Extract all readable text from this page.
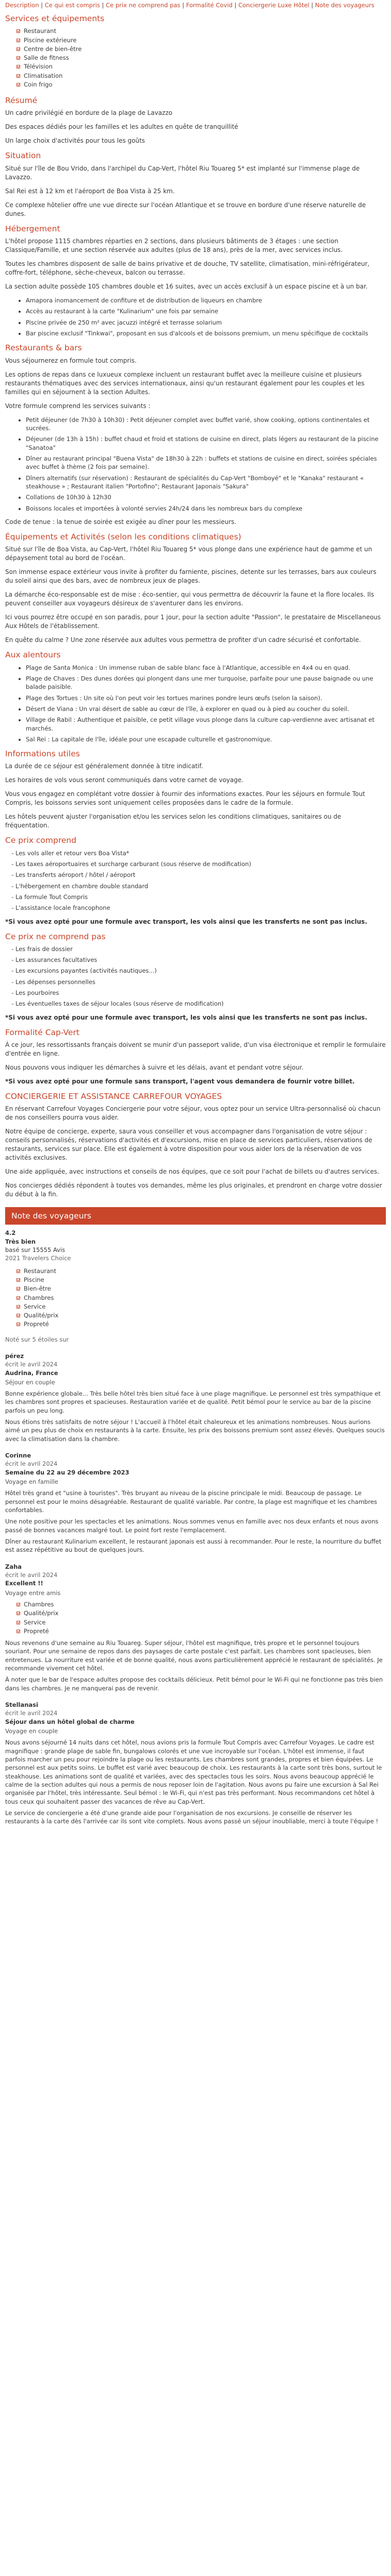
Description | Ce qui est compris | Ce prix ne comprend pas | Formalité Covid | Conciergerie Luxe Hôtel | Note des voyageurs
Services et équipements
Restaurant
Piscine extérieure
Centre de bien-être
Salle de fitness
Télévision
Climatisation
Coin frigo
Résumé

Un cadre privilégié en bordure de la plage de Lavazzo

Des espaces dédiés pour les familles et les adultes en quête de tranquillité

Un large choix d'activités pour tous les goûts

Situation

Situé sur l'île de Bou Vrido, dans l'archipel du Cap-Vert, l'hôtel Riu Touareg 5* est implanté sur l'immense plage de Lavazzo.

Sal Rei est à 12 km et l'aéroport de Boa Vista à 25 km.

Ce complexe hôtelier offre une vue directe sur l'océan Atlantique et se trouve en bordure d'une réserve naturelle de dunes.

Hébergement

L'hôtel propose 1115 chambres réparties en 2 sections, dans plusieurs bâtiments de 3 étages : une section Classique/Famille, et une section réservée aux adultes (plus de 18 ans), près de la mer, avec services inclus.

Toutes les chambres disposent de salle de bains privative et de douche, TV satellite, climatisation, mini-réfrigérateur, coffre-fort, téléphone, sèche-cheveux, balcon ou terrasse.

La section adulte possède 105 chambres double et 16 suites, avec un accès exclusif à un espace piscine et à un bar.

• Amapora inomancement de confiture et de distribution de liqueurs en chambre
• Accès au restaurant à la carte "Kulinarium" une fois par semaine
• Piscine privée de 250 m² avec jacuzzi intégré et terrasse solarium
• Bar piscine exclusif "Tinkwai", proposant en sus d'alcools et de boissons premium, un menu spécifique de cocktails
Restaurants & bars

Vous séjournerez en formule tout compris.

Les options de repas dans ce luxueux complexe incluent un restaurant buffet avec la meilleure cuisine et plusieurs restaurants thématiques avec des services internationaux, ainsi qu'un restaurant également pour les couples et les familles qui en séjournent à la section Adultes.

Votre formule comprend les services suivants :

• Petit déjeuner (de 7h30 à 10h30) : Petit déjeuner complet avec buffet varié, show cooking, options continentales et sucrées.
• Déjeuner (de 13h à 15h) : buffet chaud et froid et stations de cuisine en direct, plats légers au restaurant de la piscine "Sanatoa"
• Dîner au restaurant principal "Buena Vista" de 18h30 à 22h : buffets et stations de cuisine en direct, soirées spéciales avec buffet à thème (2 fois par semaine).
• Dîners alternatifs (sur réservation) : Restaurant de spécialités du Cap-Vert "Bomboyé" et le "Kanaka" restaurant « steakhouse » ; Restaurant italien "Portofino"; Restaurant Japonais "Sakura"
• Collations de 10h30 à 12h30
• Boissons locales et importées à volonté servies 24h/24 dans les nombreux bars du complexe

Code de tenue : la tenue de soirée est exigée au dîner pour les messieurs.

Équipements et Activités (selon les conditions climatiques)

Situé sur l'île de Boa Vista, au Cap-Vert, l'hôtel Riu Touareg 5* vous plonge dans une expérience haut de gamme et un dépaysement total au bord de l'océan.

Son immense espace extérieur vous invite à profiter du farniente, piscines, detente sur les terrasses, bars aux couleurs du soleil ainsi que des bars, avec de nombreux jeux de plages.

La démarche éco-responsable est de mise : éco-sentier, qui vous permettra de découvrir la faune et la flore locales. Ils peuvent conseiller aux voyageurs désireux de s'aventurer dans les environs.

Ici vous pourrez être occupé en son paradis, pour 1 jour, pour la section adulte "Passion", le prestataire de Miscellaneous Aux Hôtels de l'établissement.

En quête du calme ? Une zone réservée aux adultes vous permettra de profiter d'un cadre sécurisé et confortable.

Aux alentours
• Plage de Santa Monica : Un immense ruban de sable blanc face à l'Atlantique, accessible en 4x4 ou en quad.
• Plage de Chaves : Des dunes dorées qui plongent dans une mer turquoise, parfaite pour une pause baignade ou une balade paisible.
• Plage des Tortues : Un site où l'on peut voir les tortues marines pondre leurs œufs (selon la saison).
• Désert de Viana : Un vrai désert de sable au cœur de l'île, à explorer en quad ou à pied au coucher du soleil.
• Village de Rabil : Authentique et paisible, ce petit village vous plonge dans la culture cap-verdienne avec artisanat et marchés.
• Sal Rei : La capitale de l'île, idéale pour une escapade culturelle et gastronomique.
Informations utiles

La durée de ce séjour est généralement donnée à titre indicatif.

Les horaires de vols vous seront communiqués dans votre carnet de voyage.

Vous vous engagez en complétant votre dossier à fournir des informations exactes. Pour les séjours en formule Tout Compris, les boissons servies sont uniquement celles proposées dans le cadre de la formule.

Les hôtels peuvent ajuster l'organisation et/ou les services selon les conditions climatiques, sanitaires ou de fréquentation.

Ce prix comprend
- Les vols aller et retour vers Boa Vista*
- Les taxes aéroportuaires et surcharge carburant (sous réserve de modification)
- Les transferts aéroport / hôtel / aéroport
- L'hébergement en chambre double standard
- La formule Tout Compris
- L'assistance locale francophone

*Si vous avez opté pour une formule avec transport, les vols ainsi que les transferts ne sont pas inclus.

Ce prix ne comprend pas
- Les frais de dossier
- Les assurances facultatives
- Les excursions payantes (activités nautiques...)
- Les dépenses personnelles
- Les pourboires
- Les éventuelles taxes de séjour locales (sous réserve de modification)

*Si vous avez opté pour une formule avec transport, les vols ainsi que les transferts ne sont pas inclus.

Formalité Cap-Vert

À ce jour, les ressortissants français doivent se munir d'un passeport valide, d'un visa électronique et remplir le formulaire d'entrée en ligne.

Nous pouvons vous indiquer les démarches à suivre et les délais, avant et pendant votre séjour.

*Si vous avez opté pour une formule sans transport, l'agent vous demandera de fournir votre billet.

CONCIERGERIE ET ASSISTANCE CARREFOUR VOYAGES

En réservant Carrefour Voyages Conciergerie pour votre séjour, vous optez pour un service Ultra-personnalisé où chacun de nos conseillers pourra vous aider.

Notre équipe de concierge, experte, saura vous conseiller et vous accompagner dans l'organisation de votre séjour : conseils personnalisés, réservations d'activités et d'excursions, mise en place de services particuliers, réservations de restaurants, services sur place. Elle est également à votre disposition pour vous aider lors de la réservation de vos activités exclusives.

Une aide appliquée, avec instructions et conseils de nos équipes, que ce soit pour l'achat de billets ou d'autres services.

Nos concierges dédiés répondent à toutes vos demandes, même les plus originales, et prendront en charge votre dossier du début à la fin.

Note des voyageurs

4.2

Très bien

basé sur 15555 Avis

2021 Travelers Choice

Restaurant
Piscine
Bien-être
Chambres
Service
Qualité/prix
Propreté

Noté sur 5 étoiles sur

pérez

écrit le avril 2024

Audrina, France

Séjour en couple

Bonne expérience globale... Très belle hôtel très bien situé face à une plage magnifique. Le personnel est très sympathique et les chambres sont propres et spacieuses. Restauration variée et de qualité. Petit bémol pour le service au bar de la piscine parfois un peu long.

Nous étions très satisfaits de notre séjour ! L'accueil à l'hôtel était chaleureux et les animations nombreuses. Nous aurions aimé un peu plus de choix en restaurants à la carte. Ensuite, les prix des boissons premium sont assez élevés. Quelques soucis avec la climatisation dans la chambre.

Corinne

écrit le avril 2024

Semaine du 22 au 29 décembre 2023

Voyage en famille

Hôtel très grand et "usine à touristes". Très bruyant au niveau de la piscine principale le midi. Beaucoup de passage. Le personnel est pour le moins désagréable. Restaurant de qualité variable. Par contre, la plage est magnifique et les chambres confortables.

Une note positive pour les spectacles et les animations. Nous sommes venus en famille avec nos deux enfants et nous avons passé de bonnes vacances malgré tout. Le point fort reste l'emplacement.

Dîner au restaurant Kulinarium excellent, le restaurant japonais est aussi à recommander. Pour le reste, la nourriture du buffet est assez répétitive au bout de quelques jours.

Zaha

écrit le avril 2024

Excellent !!

Voyage entre amis

Chambres
Qualité/prix
Service
Propreté

Nous revenons d'une semaine au Riu Touareg. Super séjour, l'hôtel est magnifique, très propre et le personnel toujours souriant. Pour une semaine de repos dans des paysages de carte postale c'est parfait. Les chambres sont spacieuses, bien entretenues. La nourriture est variée et de bonne qualité, nous avons particulièrement apprécié le restaurant de spécialités. Je recommande vivement cet hôtel.

À noter que le bar de l'espace adultes propose des cocktails délicieux. Petit bémol pour le Wi-Fi qui ne fonctionne pas très bien dans les chambres. Je ne manquerai pas de revenir.

Stellanasi

écrit le avril 2024

Séjour dans un hôtel global de charme

Voyage en couple

Nous avons séjourné 14 nuits dans cet hôtel, nous avions pris la formule Tout Compris avec Carrefour Voyages. Le cadre est magnifique : grande plage de sable fin, bungalows colorés et une vue incroyable sur l'océan. L'hôtel est immense, il faut parfois marcher un peu pour rejoindre la plage ou les restaurants. Les chambres sont grandes, propres et bien équipées. Le personnel est aux petits soins. Le buffet est varié avec beaucoup de choix. Les restaurants à la carte sont très bons, surtout le steakhouse. Les animations sont de qualité et variées, avec des spectacles tous les soirs. Nous avons beaucoup apprécié le calme de la section adultes qui nous a permis de nous reposer loin de l'agitation. Nous avons pu faire une excursion à Sal Rei organisée par l'hôtel, très intéressante. Seul bémol : le Wi-Fi, qui n'est pas très performant. Nous recommandons cet hôtel à tous ceux qui souhaitent passer des vacances de rêve au Cap-Vert.

Le service de conciergerie a été d'une grande aide pour l'organisation de nos excursions. Je conseille de réserver les restaurants à la carte dès l'arrivée car ils sont vite complets. Nous avons passé un séjour inoubliable, merci à toute l'équipe !
